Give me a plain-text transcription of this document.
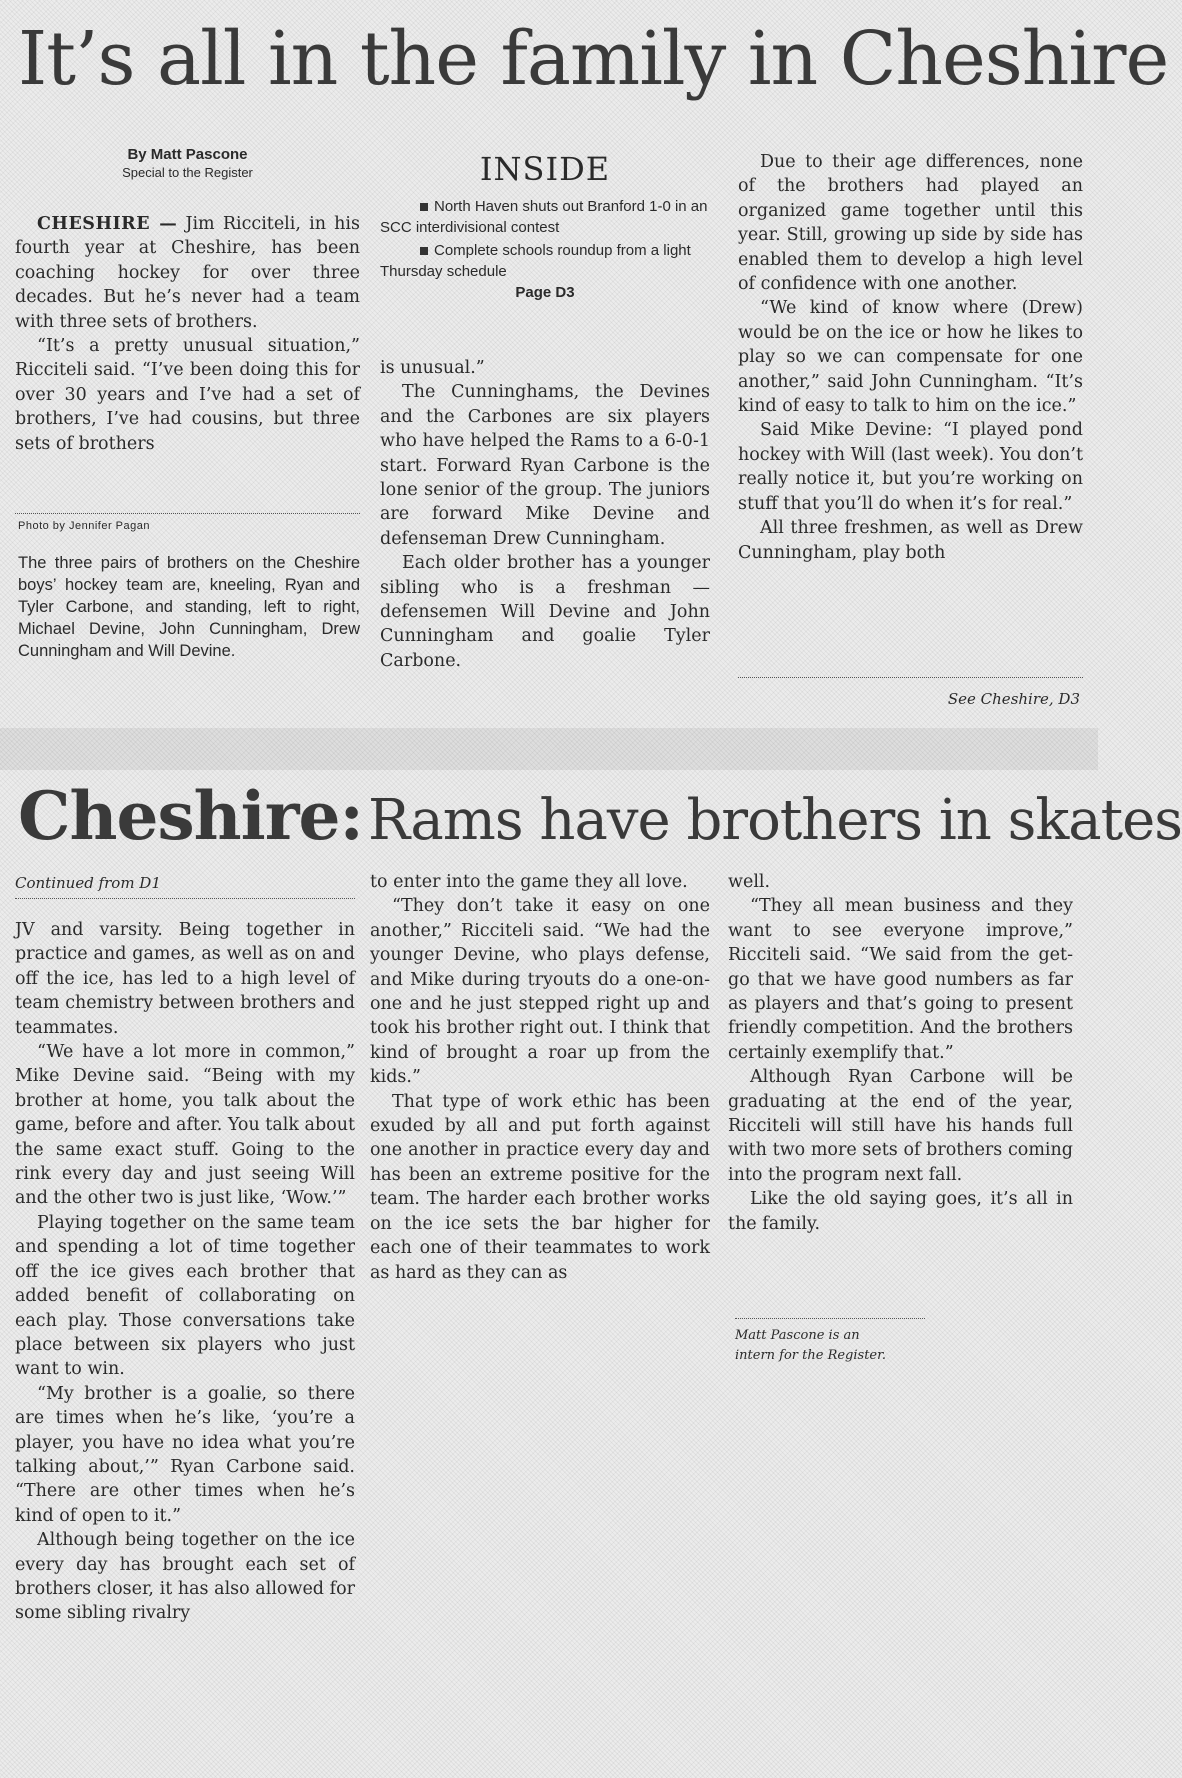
It’s all in the family in Cheshire
By Matt Pascone
Special to the Register

CHESHIRE — Jim Ricciteli, in his fourth year at Cheshire, has been coaching hockey for over three decades. But he’s never had a team with three sets of brothers.

“It’s a pretty unusual situation,” Ricciteli said. “I’ve been doing this for over 30 years and I’ve had a set of brothers, I’ve had cousins, but three sets of brothers

Photo by Jennifer Pagan
The three pairs of brothers on the Cheshire boys’ hockey team are, kneeling, Ryan and Tyler Carbone, and standing, left to right, Michael Devine, John Cunningham, Drew Cunningham and Will Devine.
INSIDE
North Haven shuts out Branford 1-0 in an SCC interdivisional contest
Complete schools roundup from a light Thursday schedule
Page D3

is unusual.”

The Cunninghams, the Devines and the Carbones are six players who have helped the Rams to a 6-0-1 start. Forward Ryan Carbone is the lone senior of the group. The juniors are forward Mike Devine and defenseman Drew Cunningham.

Each older brother has a younger sibling who is a freshman — defensemen Will Devine and John Cunningham and goalie Tyler Carbone.

Due to their age differences, none of the brothers had played an organized game together until this year. Still, growing up side by side has enabled them to develop a high level of confidence with one another.

“We kind of know where (Drew) would be on the ice or how he likes to play so we can compensate for one another,” said John Cunningham. “It’s kind of easy to talk to him on the ice.”

Said Mike Devine: “I played pond hockey with Will (last week). You don’t really notice it, but you’re working on stuff that you’ll do when it’s for real.”

All three freshmen, as well as Drew Cunningham, play both

See Cheshire, D3
Cheshire: Rams have brothers in skates
Continued from D1

JV and varsity. Being together in practice and games, as well as on and off the ice, has led to a high level of team chemistry between brothers and teammates.

“We have a lot more in common,” Mike Devine said. “Being with my brother at home, you talk about the game, before and after. You talk about the same exact stuff. Going to the rink every day and just seeing Will and the other two is just like, ‘Wow.’”

Playing together on the same team and spending a lot of time together off the ice gives each brother that added benefit of collaborating on each play. Those conversations take place between six players who just want to win.

“My brother is a goalie, so there are times when he’s like, ‘you’re a player, you have no idea what you’re talking about,’” Ryan Carbone said. “There are other times when he’s kind of open to it.”

Although being together on the ice every day has brought each set of brothers closer, it has also allowed for some sibling rivalry

to enter into the game they all love.

“They don’t take it easy on one another,” Ricciteli said. “We had the younger Devine, who plays defense, and Mike during tryouts do a one-on-one and he just stepped right up and took his brother right out. I think that kind of brought a roar up from the kids.”

That type of work ethic has been exuded by all and put forth against one another in practice every day and has been an extreme positive for the team. The harder each brother works on the ice sets the bar higher for each one of their teammates to work as hard as they can as

well.

“They all mean business and they want to see everyone improve,” Ricciteli said. “We said from the get-go that we have good numbers as far as players and that’s going to present friendly competition. And the brothers certainly exemplify that.”

Although Ryan Carbone will be graduating at the end of the year, Ricciteli will still have his hands full with two more sets of brothers coming into the program next fall.

Like the old saying goes, it’s all in the family.

Matt Pascone is an
intern for the Register.
